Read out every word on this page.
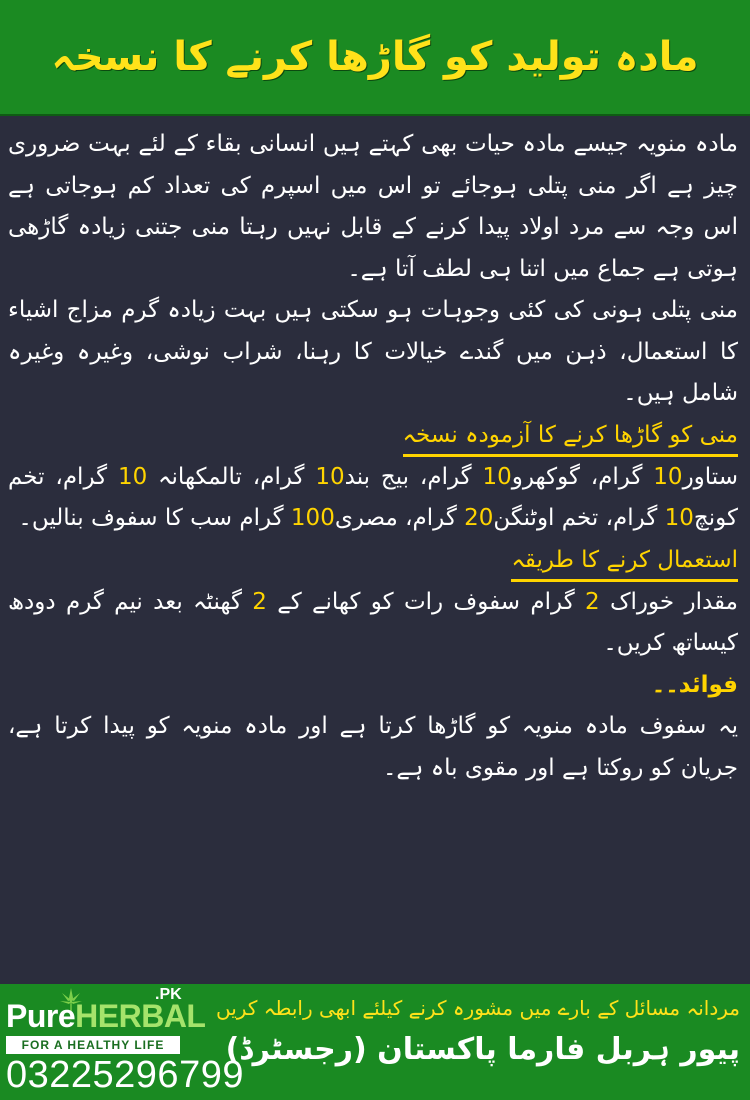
مادہ تولید کو گاڑھا کرنے کا نسخہ

مادہ منویہ جیسے مادہ حیات بھی کہتے ہیں انسانی بقاء کے لئے بہت ضروری چیز ہے اگر منی پتلی ہوجائے تو اس میں اسپرم کی تعداد کم ہوجاتی ہے اس وجہ سے مرد اولاد پیدا کرنے کے قابل نہیں رہتا منی جتنی زیادہ گاڑھی ہوتی ہے جماع میں اتنا ہی لطف آتا ہے۔

منی پتلی ہونی کی کئی وجوہات ہو سکتی ہیں بہت زیادہ گرم مزاج اشیاء کا استعمال، ذہن میں گندے خیالات کا رہنا، شراب نوشی، وغیرہ وغیرہ شامل ہیں۔

منی کو گاڑھا کرنے کا آزمودہ نسخہ

ستاور10 گرام، گوکھرو10 گرام، بیج بند10 گرام، تالمکھانہ 10 گرام، تخم کونچ10 گرام، تخم اوٹنگن20 گرام، مصری100 گرام سب کا سفوف بنالیں۔

استعمال کرنے کا طریقہ

مقدار خوراک 2 گرام سفوف رات کو کھانے کے 2 گھنٹہ بعد نیم گرم دودھ کیساتھ کریں۔

فوائد۔۔

یہ سفوف مادہ منویہ کو گاڑھا کرتا ہے اور مادہ منویہ کو پیدا کرتا ہے، جریان کو روکتا ہے اور مقوی باہ ہے۔

.PK
PureHERBAL
FOR A HEALTHY LIFE
03225296799
مردانہ مسائل کے بارے میں مشورہ کرنے کیلئے ابھی رابطہ کریں
پیور ہربل فارما پاکستان (رجسٹرڈ)
